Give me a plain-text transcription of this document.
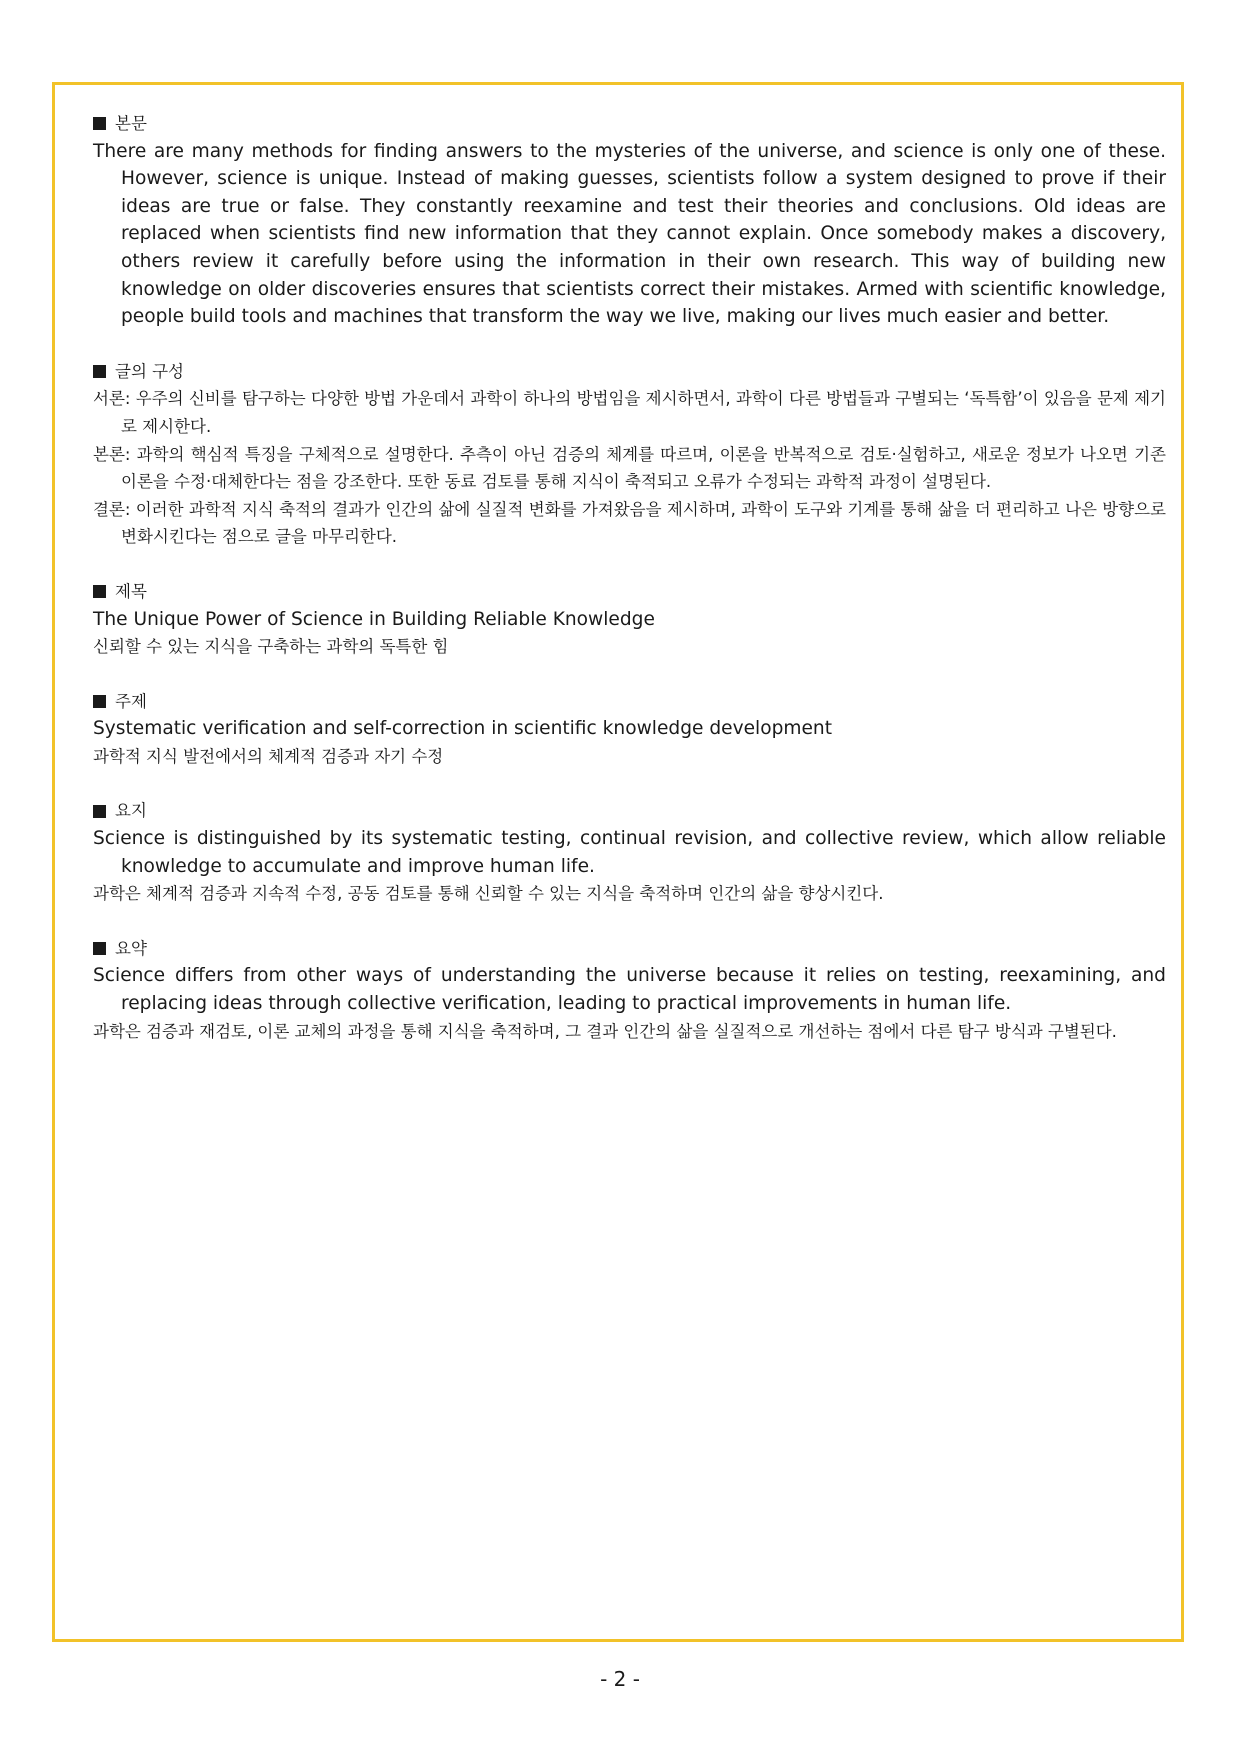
본문
There are many methods for finding answers to the mysteries of the universe, and science is only one of these. However, science is unique. Instead of making guesses, scientists follow a system designed to prove if their ideas are true or false. They constantly reexamine and test their theories and conclusions. Old ideas are replaced when scientists find new information that they cannot explain. Once somebody makes a discovery, others review it carefully before using the information in their own research. This way of building new knowledge on older discoveries ensures that scientists correct their mistakes. Armed with scientific knowledge, people build tools and machines that transform the way we live, making our lives much easier and better.
글의 구성
서론: 우주의 신비를 탐구하는 다양한 방법 가운데서 과학이 하나의 방법임을 제시하면서, 과학이 다른 방법들과 구별되는 ‘독특함’이 있음을 문제 제기로 제시한다.
본론: 과학의 핵심적 특징을 구체적으로 설명한다. 추측이 아닌 검증의 체계를 따르며, 이론을 반복적으로 검토·실험하고, 새로운 정보가 나오면 기존 이론을 수정·대체한다는 점을 강조한다. 또한 동료 검토를 통해 지식이 축적되고 오류가 수정되는 과학적 과정이 설명된다.
결론: 이러한 과학적 지식 축적의 결과가 인간의 삶에 실질적 변화를 가져왔음을 제시하며, 과학이 도구와 기계를 통해 삶을 더 편리하고 나은 방향으로 변화시킨다는 점으로 글을 마무리한다.
제목
The Unique Power of Science in Building Reliable Knowledge
신뢰할 수 있는 지식을 구축하는 과학의 독특한 힘
주제
Systematic verification and self-correction in scientific knowledge development
과학적 지식 발전에서의 체계적 검증과 자기 수정
요지
Science is distinguished by its systematic testing, continual revision, and collective review, which allow reliable knowledge to accumulate and improve human life.
과학은 체계적 검증과 지속적 수정, 공동 검토를 통해 신뢰할 수 있는 지식을 축적하며 인간의 삶을 향상시킨다.
요약
Science differs from other ways of understanding the universe because it relies on testing, reexamining, and replacing ideas through collective verification, leading to practical improvements in human life.
과학은 검증과 재검토, 이론 교체의 과정을 통해 지식을 축적하며, 그 결과 인간의 삶을 실질적으로 개선하는 점에서 다른 탐구 방식과 구별된다.
- 2 -
